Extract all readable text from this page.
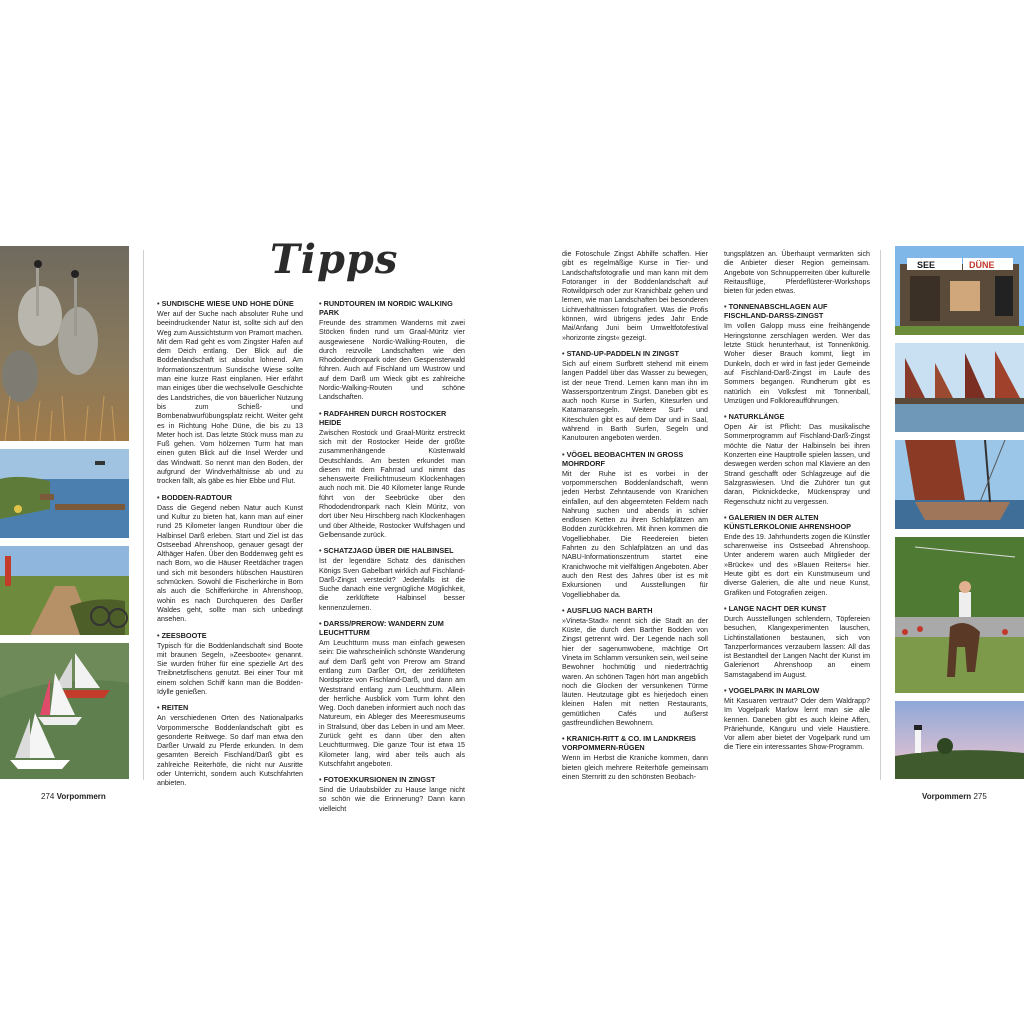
SEE	DÜNE
Tipps
• SUNDISCHE WIESE UND HOHE DÜNE

Wer auf der Suche nach absoluter Ruhe und beeindruckender Natur ist, sollte sich auf den Weg zum Aussichtsturm von Pramort machen. Mit dem Rad geht es vom Zingster Hafen auf dem Deich entlang. Der Blick auf die Boddenlandschaft ist absolut lohnend. Am Informationszentrum Sundische Wiese sollte man eine kurze Rast einplanen. Hier erfährt man einiges über die wechselvolle Geschichte des Landstriches, die von bäuerlicher Nutzung bis zum Schieß- und Bombenabwurfübungsplatz reicht. Weiter geht es in Richtung Hohe Düne, die bis zu 13 Meter hoch ist. Das letzte Stück muss man zu Fuß gehen. Vom hölzernen Turm hat man einen guten Blick auf die Insel Werder und das Windwatt. So nennt man den Boden, der aufgrund der Windverhältnisse ab und zu trocken fällt, als gäbe es hier Ebbe und Flut.

• BODDEN-RADTOUR

Dass die Gegend neben Natur auch Kunst und Kultur zu bieten hat, kann man auf einer rund 25 Kilometer langen Rundtour über die Halbinsel Darß erleben. Start und Ziel ist das Ostseebad Ahrenshoop, genauer gesagt der Althäger Hafen. Über den Boddenweg geht es nach Born, wo die Häuser Reetdächer tragen und sich mit besonders hübschen Haustüren schmücken. Sowohl die Fischerkirche in Born als auch die Schifferkirche in Ahrenshoop, wohin es nach Durchqueren des Darßer Waldes geht, sollte man sich unbedingt ansehen.

• ZEESBOOTE

Typisch für die Boddenlandschaft sind Boote mit braunen Segeln, »Zeesboote« genannt. Sie wurden früher für eine spezielle Art des Treibnetzfischens genutzt. Bei einer Tour mit einem solchen Schiff kann man die Bodden-Idylle genießen.

• REITEN

An verschiedenen Orten des Nationalparks Vorpommersche Boddenlandschaft gibt es gesonderte Reitwege. So darf man etwa den Darßer Urwald zu Pferde erkunden. In dem gesamten Bereich Fischland/Darß gibt es zahlreiche Reiterhöfe, die nicht nur Ausritte oder Unterricht, sondern auch Kutschfahrten anbieten.

• RUNDTOUREN IM NORDIC WALKING PARK

Freunde des strammen Wanderns mit zwei Stöcken finden rund um Graal-Müritz vier ausgewiesene Nordic-Walking-Routen, die durch reizvolle Landschaften wie den Rhododendronpark oder den Gespensterwald führen. Auch auf Fischland um Wustrow und auf dem Darß um Wieck gibt es zahlreiche Nordic-Walking-Routen und schöne Landschaften.

• RADFAHREN DURCH ROSTOCKER HEIDE

Zwischen Rostock und Graal-Müritz erstreckt sich mit der Rostocker Heide der größte zusammenhängende Küstenwald Deutschlands. Am besten erkundet man diesen mit dem Fahrrad und nimmt das sehenswerte Freilichtmuseum Klockenhagen auch noch mit. Die 40 Kilometer lange Runde führt von der Seebrücke über den Rhododendronpark nach Klein Müritz, von dort über Neu Hirschberg nach Klockenhagen und über Altheide, Rostocker Wulfshagen und Gelbensande zurück.

• SCHATZJAGD ÜBER DIE HALBINSEL

Ist der legendäre Schatz des dänischen Königs Sven Gabelbart wirklich auf Fischland-Darß-Zingst versteckt? Jedenfalls ist die Suche danach eine vergnügliche Möglichkeit, die zerklüftete Halbinsel besser kennenzulernen.

• DARSS/PREROW: WANDERN ZUM LEUCHTTURM

Am Leuchtturm muss man einfach gewesen sein: Die wahrscheinlich schönste Wanderung auf dem Darß geht von Prerow am Strand entlang zum Darßer Ort, der zerklüfteten Nordspitze von Fischland-Darß, und dann am Weststrand entlang zum Leuchtturm. Allein der herrliche Ausblick vom Turm lohnt den Weg. Doch daneben informiert auch noch das Natureum, ein Ableger des Meeresmuseums in Stralsund, über das Leben in und am Meer. Zurück geht es dann über den alten Leuchtturmweg. Die ganze Tour ist etwa 15 Kilometer lang, wird aber teils auch als Kutschfahrt angeboten.

• FOTOEXKURSIONEN IN ZINGST

Sind die Urlaubsbilder zu Hause lange nicht so schön wie die Erinnerung? Dann kann vielleicht

die Fotoschule Zingst Abhilfe schaffen. Hier gibt es regelmäßige Kurse in Tier- und Landschaftsfotografie und man kann mit dem Fotoranger in der Boddenlandschaft auf Rotwildpirsch oder zur Kranichbalz gehen und lernen, wie man Landschaften bei besonderen Lichtverhältnissen fotografiert. Was die Profis können, wird übrigens jedes Jahr Ende Mai/Anfang Juni beim Umweltfotofestival »horizonte zingst« gezeigt.

• STAND-UP-PADDELN IN ZINGST

Sich auf einem Surfbrett stehend mit einem langen Paddel über das Wasser zu bewegen, ist der neue Trend. Lernen kann man ihn im Wassersportzentrum Zingst. Daneben gibt es auch noch Kurse in Surfen, Kitesurfen und Katamaransegeln. Weitere Surf- und Kiteschulen gibt es auf dem Dar und in Saal, während in Barth Surfen, Segeln und Kanutouren angeboten werden.

• VÖGEL BEOBACHTEN IN GROSS MOHRDORF

Mit der Ruhe ist es vorbei in der vorpommerschen Boddenlandschaft, wenn jeden Herbst Zehntausende von Kranichen einfallen, auf den abgeernteten Feldern nach Nahrung suchen und abends in schier endlosen Ketten zu ihren Schlafplätzen am Bodden zurückkehren. Mit ihnen kommen die Vogelliebhaber. Die Reedereien bieten Fahrten zu den Schlafplätzen an und das NABU-Informationszentrum startet eine Kranichwoche mit vielfältigen Angeboten. Aber auch den Rest des Jahres über ist es mit Exkursionen und Ausstellungen für Vogelliebhaber da.

• AUSFLUG NACH BARTH

»Vineta-Stadt« nennt sich die Stadt an der Küste, die durch den Barther Bodden von Zingst getrennt wird. Der Legende nach soll hier der sagenumwobene, mächtige Ort Vineta im Schlamm versunken sein, weil seine Bewohner hochmütig und niederträchtig waren. An schönen Tagen hört man angeblich noch die Glocken der versunkenen Türme läuten. Heutzutage gibt es hierjedoch einen kleinen Hafen mit netten Restaurants, gemütlichen Cafés und äußerst gastfreundlichen Bewohnern.

• KRANICH-RITT & CO. IM LANDKREIS VORPOMMERN-RÜGEN

Wenn im Herbst die Kraniche kommen, dann bieten gleich mehrere Reiterhöfe gemeinsam einen Sternritt zu den schönsten Beobach-

tungsplätzen an. Überhaupt vermarkten sich die Anbieter dieser Region gemeinsam. Angebote von Schnupperreiten über kulturelle Reitausflüge, Pferdeflüsterer-Workshops bieten für jeden etwas.

• TONNENABSCHLAGEN AUF FISCHLAND-DARSS-ZINGST

Im vollen Galopp muss eine freihängende Heringstonne zerschlagen werden. Wer das letzte Stück herunterhaut, ist Tonnenkönig. Woher dieser Brauch kommt, liegt im Dunkeln, doch er wird in fast jeder Gemeinde auf Fischland-Darß-Zingst im Laufe des Sommers begangen. Rundherum gibt es natürlich ein Volksfest mit Tonnenball, Umzügen und Folkloreaufführungen.

• NATURKLÄNGE

Open Air ist Pflicht: Das musikalische Sommerprogramm auf Fischland-Darß-Zingst möchte die Natur der Halbinseln bei ihren Konzerten eine Hauptrolle spielen lassen, und deswegen werden schon mal Klaviere an den Strand geschafft oder Schlagzeuge auf die Salzgraswiesen. Und die Zuhörer tun gut daran, Picknickdecke, Mückenspray und Regenschutz nicht zu vergessen.

• GALERIEN IN DER ALTEN KÜNSTLERKOLONIE AHRENSHOOP

Ende des 19. Jahrhunderts zogen die Künstler scharenweise ins Ostseebad Ahrenshoop. Unter anderem waren auch Mitglieder der »Brücke« und des »Blauen Reiters« hier. Heute gibt es dort ein Kunstmuseum und diverse Galerien, die alte und neue Kunst, Grafiken und Fotografien zeigen.

• LANGE NACHT DER KUNST

Durch Ausstellungen schlendern, Töpfereien besuchen, Klangexperimenten lauschen, Lichtinstallationen bestaunen, sich von Tanzperformances verzaubern lassen: All das ist Bestandteil der Langen Nacht der Kunst im Galerienort Ahrenshoop an einem Samstagabend im August.

• VOGELPARK IN MARLOW

Mit Kasuaren vertraut? Oder dem Waldrapp? Im Vogelpark Marlow lernt man sie alle kennen. Daneben gibt es auch kleine Affen, Präriehunde, Känguru und viele Haustiere. Vor allem aber bietet der Vogelpark rund um die Tiere ein interessantes Show-Programm.

274 Vorpommern	Vorpommern 275
